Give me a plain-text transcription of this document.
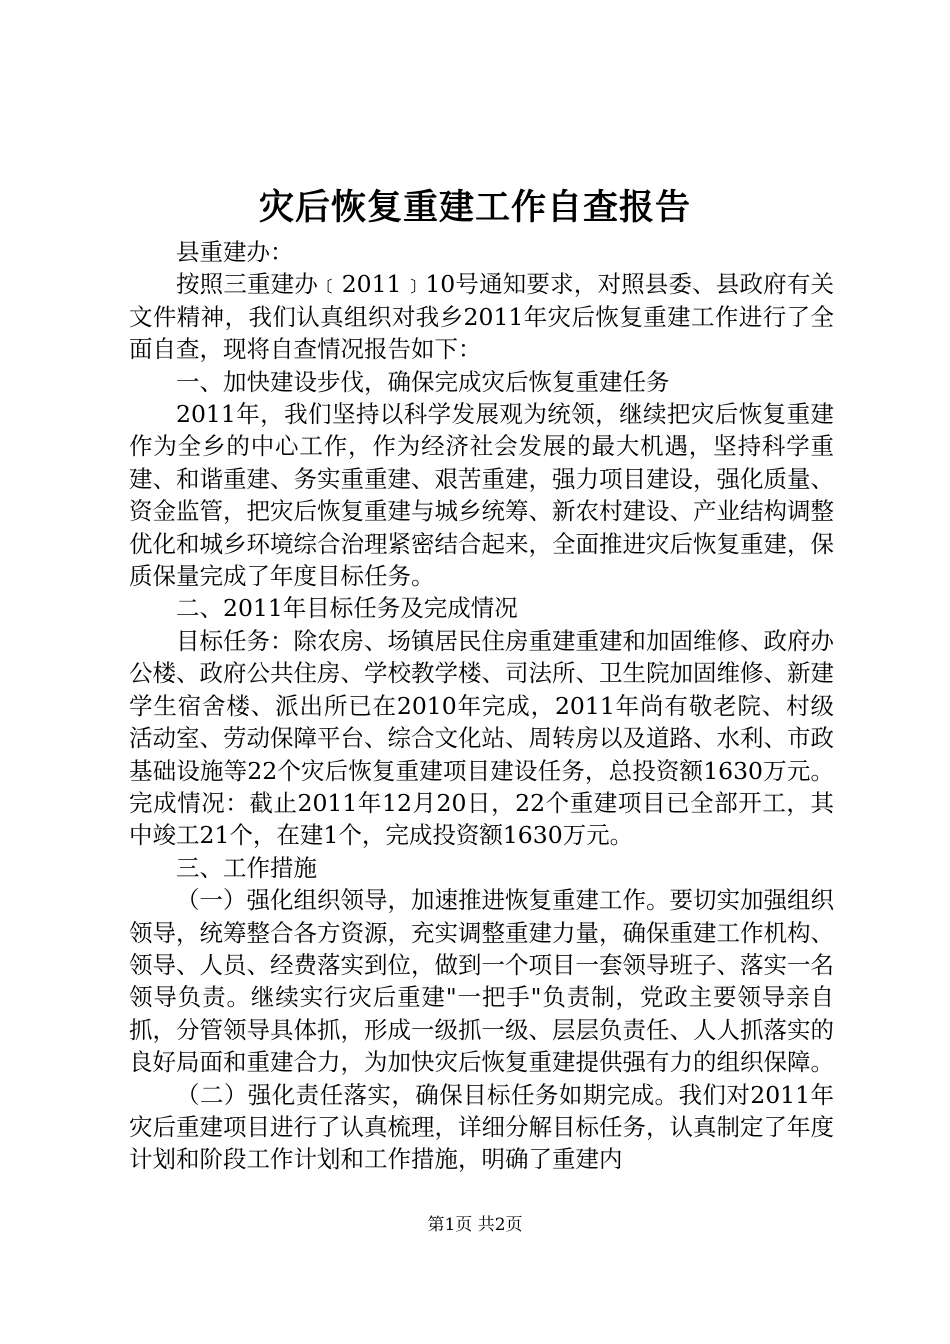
灾后恢复重建工作自查报告

县重建办：

按照三重建办﹝2011﹞10号通知要求，对照县委、县政府有关文件精神，我们认真组织对我乡2011年灾后恢复重建工作进行了全面自查，现将自查情况报告如下：

一、加快建设步伐，确保完成灾后恢复重建任务

2011年，我们坚持以科学发展观为统领，继续把灾后恢复重建作为全乡的中心工作，作为经济社会发展的最大机遇，坚持科学重建、和谐重建、务实重重建、艰苦重建，强力项目建设，强化质量、资金监管，把灾后恢复重建与城乡统筹、新农村建设、产业结构调整优化和城乡环境综合治理紧密结合起来，全面推进灾后恢复重建，保质保量完成了年度目标任务。

二、2011年目标任务及完成情况

目标任务：除农房、场镇居民住房重建重建和加固维修、政府办公楼、政府公共住房、学校教学楼、司法所、卫生院加固维修、新建学生宿舍楼、派出所已在2010年完成，2011年尚有敬老院、村级活动室、劳动保障平台、综合文化站、周转房以及道路、水利、市政基础设施等22个灾后恢复重建项目建设任务，总投资额1630万元。完成情况：截止2011年12月20日，22个重建项目已全部开工，其中竣工21个，在建1个，完成投资额1630万元。

三、工作措施

（一）强化组织领导，加速推进恢复重建工作。要切实加强组织领导，统筹整合各方资源，充实调整重建力量，确保重建工作机构、领导、人员、经费落实到位，做到一个项目一套领导班子、落实一名领导负责。继续实行灾后重建"一把手"负责制，党政主要领导亲自抓，分管领导具体抓，形成一级抓一级、层层负责任、人人抓落实的良好局面和重建合力，为加快灾后恢复重建提供强有力的组织保障。

（二）强化责任落实，确保目标任务如期完成。我们对2011年灾后重建项目进行了认真梳理，详细分解目标任务，认真制定了年度计划和阶段工作计划和工作措施，明确了重建内

第1页 共2页
